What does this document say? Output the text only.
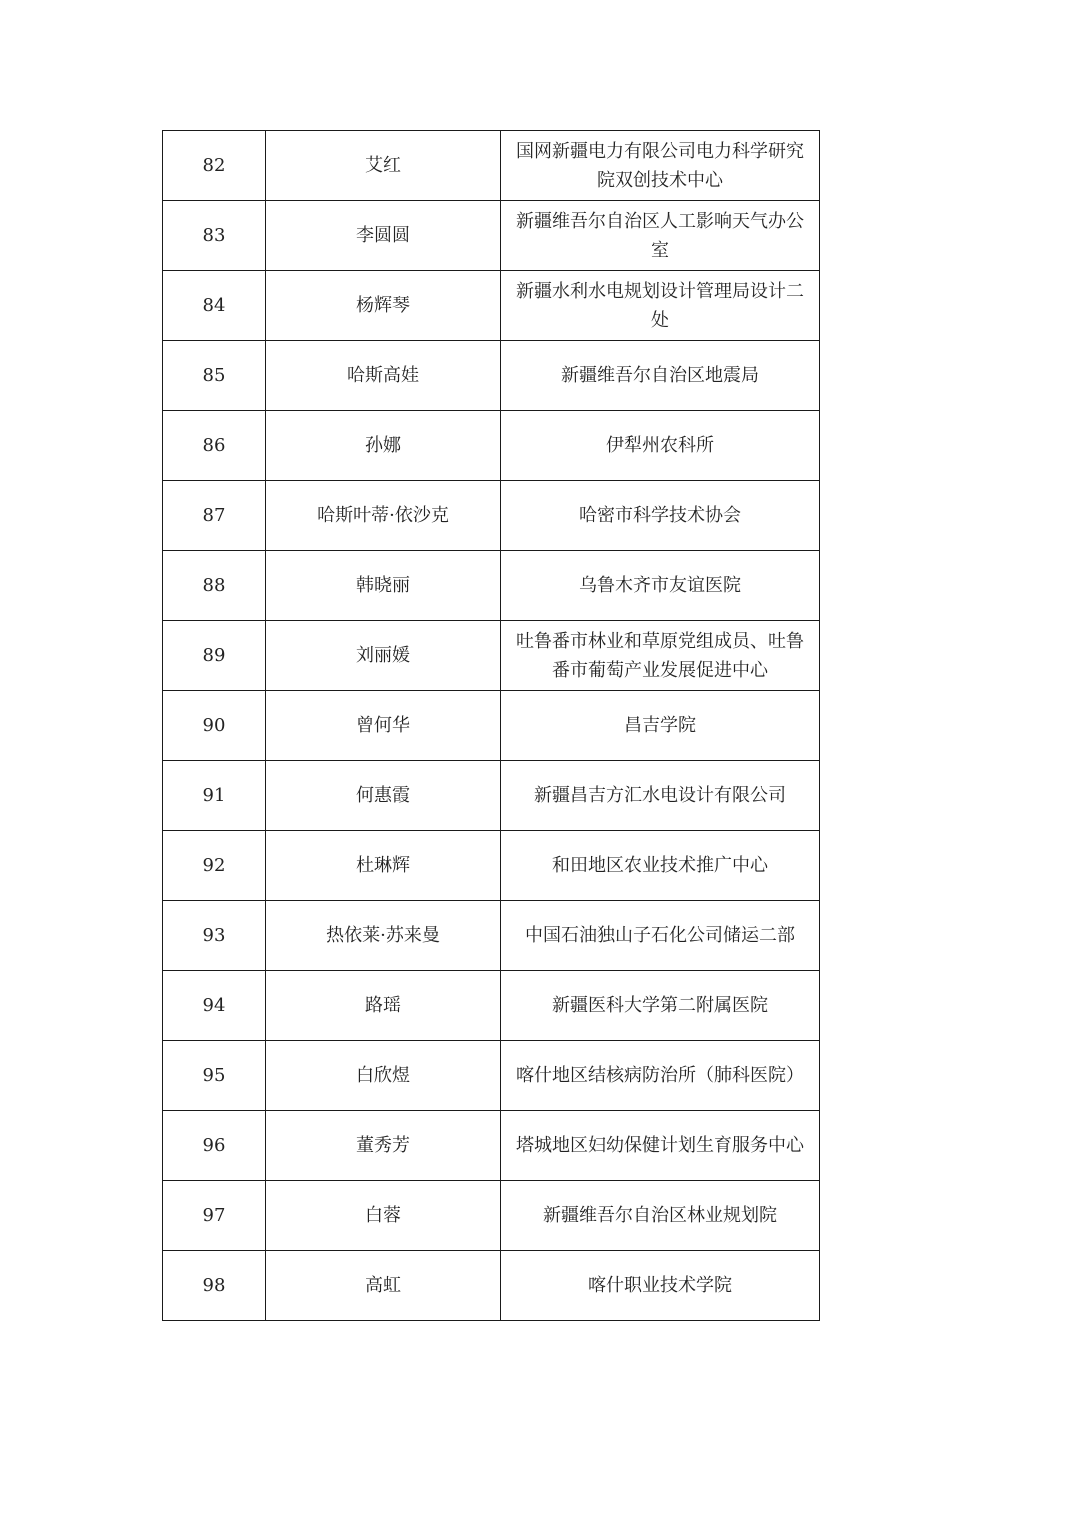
82	艾红	国网新疆电力有限公司电力科学研究院双创技术中心
83	李圆圆	新疆维吾尔自治区人工影响天气办公室
84	杨辉琴	新疆水利水电规划设计管理局设计二处
85	哈斯高娃	新疆维吾尔自治区地震局
86	孙娜	伊犁州农科所
87	哈斯叶蒂·依沙克	哈密市科学技术协会
88	韩晓丽	乌鲁木齐市友谊医院
89	刘丽媛	吐鲁番市林业和草原党组成员、吐鲁番市葡萄产业发展促进中心
90	曾何华	昌吉学院
91	何惠霞	新疆昌吉方汇水电设计有限公司
92	杜琳辉	和田地区农业技术推广中心
93	热依莱·苏来曼	中国石油独山子石化公司储运二部
94	路瑶	新疆医科大学第二附属医院
95	白欣煜	喀什地区结核病防治所（肺科医院）
96	董秀芳	塔城地区妇幼保健计划生育服务中心
97	白蓉	新疆维吾尔自治区林业规划院
98	高虹	喀什职业技术学院
